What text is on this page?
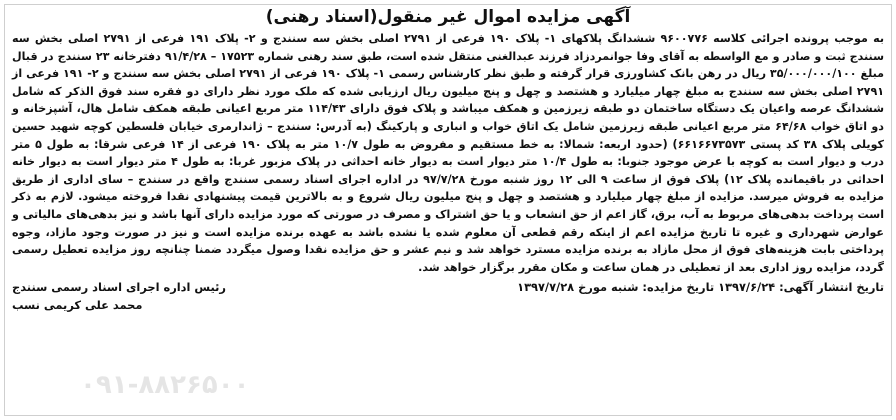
آگهی مزایده اموال غیر منقول(اسناد رهنی)

به موجب پرونده اجرائی کلاسه ۹۶۰۰۷۷۶ ششدانگ پلاکهای ۱- پلاک ۱۹۰ فرعی از ۲۷۹۱ اصلی بخش سه سنندج و ۲- پلاک ۱۹۱ فرعی از ۲۷۹۱ اصلی بخش سه سنندج ثبت و صادر و مع الواسطه به آقای وفا جوانمردزاد فرزند عبدالغنی منتقل شده است، طبق سند رهنی شماره ۱۷۵۲۳ – ۹۱/۴/۲۸ دفترخانه ۲۳ سنندج در قبال مبلغ ۳۵/۰۰۰/۰۰۰/۱۰۰ ریال در رهن بانک کشاورزی قرار گرفته و طبق نظر کارشناس رسمی ۱- پلاک ۱۹۰ فرعی از ۲۷۹۱ اصلی بخش سه سنندج و ۲- ۱۹۱ فرعی از ۲۷۹۱ اصلی بخش سه سنندج به مبلغ چهار میلیارد و هشتصد و چهل و پنج میلیون ریال ارزیابی شده که ملک مورد نظر دارای دو فقره سند فوق الذکر که شامل ششدانگ عرصه واعیان یک دستگاه ساختمان دو طبقه زیرزمین و همکف میباشد و پلاک فوق دارای ۱۱۴/۴۳ متر مربع اعیانی طبقه همکف شامل هال، آشپزخانه و دو اتاق خواب ۶۴/۶۸ متر مربع اعیانی طبقه زیرزمین شامل یک اتاق خواب و انباری و پارکینگ (به آدرس: سنندج – ژاندارمری خیابان فلسطین کوچه شهید حسین کویلی پلاک ۳۸ کد پستی ۶۶۱۶۶۷۳۵۷۳) (حدود اربعه: شمالا: به خط مستقیم و مفروض به طول ۱۰/۷ متر به پلاک ۱۹۰ فرعی از ۱۴ فرعی شرقا: به طول ۵ متر درب و دیوار است به کوچه با عرض موجود جنوبا: به طول ۱۰/۴ متر دیوار است به دیوار خانه احداثی در پلاک مزبور غربا: به طول ۴ متر دیوار است به دیوار خانه احداثی در باقیمانده پلاک ۱۲) پلاک فوق از ساعت ۹ الی ۱۲ روز شنبه مورخ ۹۷/۷/۲۸ در اداره اجرای اسناد رسمی سنندج واقع در سنندج – سای اداری از طریق مزایده به فروش میرسد. مزایده از مبلغ چهار میلیارد و هشتصد و چهل و پنج میلیون ریال شروع و به بالاترین قیمت پیشنهادی نقدا فروخته میشود. لازم به ذکر است پرداخت بدهی‌های مربوط به آب، برق، گاز اعم از حق انشعاب و یا حق اشتراک و مصرف در صورتی که مورد مزایده دارای آنها باشد و نیز بدهی‌های مالیاتی و عوارض شهرداری و غیره تا تاریخ مزایده اعم از اینکه رقم قطعی آن معلوم شده یا نشده باشد به عهده برنده مزایده است و نیز در صورت وجود مازاد، وجوه پرداختی بابت هزینه‌های فوق از محل مازاد به برنده مزایده مسترد خواهد شد و نیم عشر و حق مزایده نقدا وصول میگردد ضمنا چنانچه روز مزایده تعطیل رسمی گردد، مزایده روز اداری بعد از تعطیلی در همان ساعت و مکان مقرر برگزار خواهد شد.

تاریخ انتشار آگهی: ۱۳۹۷/۶/۲۴ تاریخ مزایده: شنبه مورخ ۱۳۹۷/۷/۲۸
رئیس اداره اجرای اسناد رسمی سنندج
محمد علی کریمی نسب
۰۹۱-۸۸۲۶۵۰۰
